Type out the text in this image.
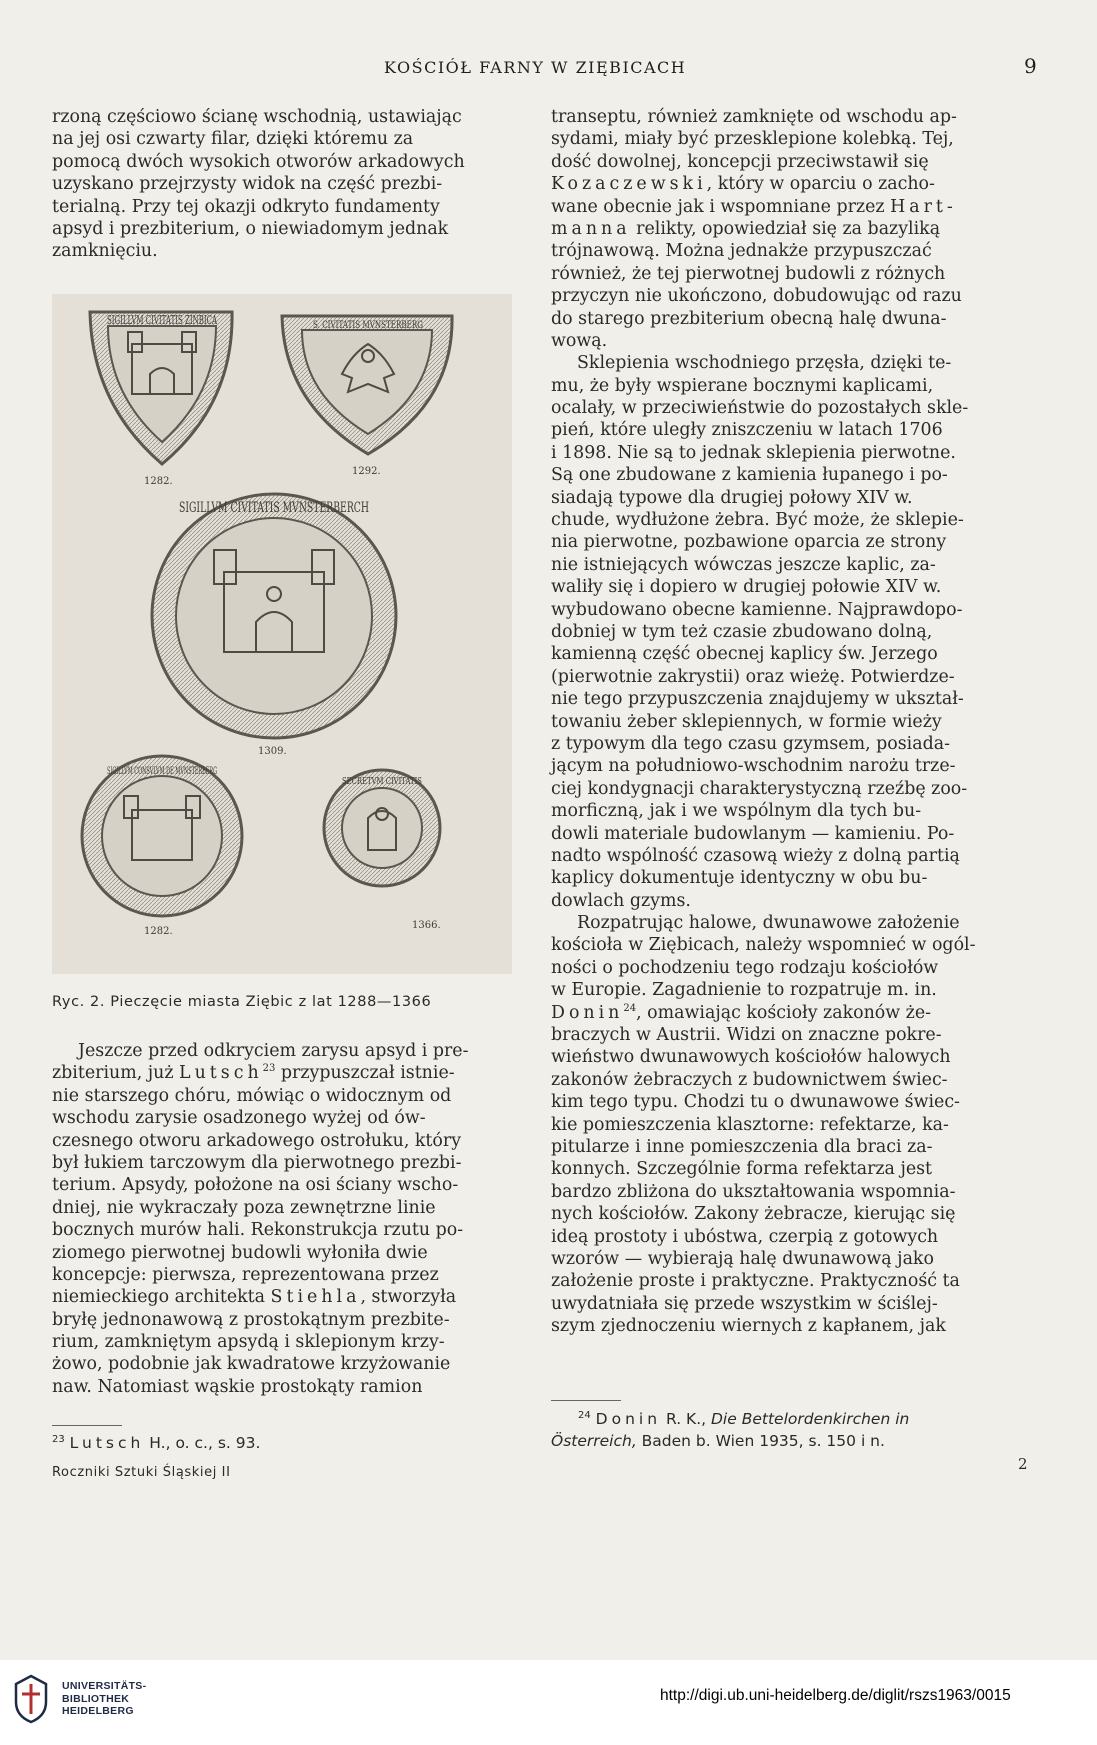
KOŚCIÓŁ FARNY W ZIĘBICACH	9
rzoną częściowo ścianę wschodnią, ustawiając
na jej osi czwarty filar, dzięki któremu za
pomocą dwóch wysokich otworów arkadowych
uzyskano przejrzysty widok na część prezbi-
terialną. Przy tej okazji odkryto fundamenty
apsyd i prezbiterium, o niewiadomym jednak
zamknięciu.
SIGILLVM CIVITATIS ZINBICA
1282.
S. CIVITATIS MVNSTERBERG
1292.
SIGILLVM CIVITATIS MVNSTERBERCH
1309.
SIGILLVM CONSVLVM DE MVNSTERBERG
1282.
SECRETVM CIVITATIS
1366.
Ryc. 2. Pieczęcie miasta Ziębic z lat 1288—1366
Jeszcze przed odkryciem zarysu apsyd i pre-
zbiterium, już Lutsch$^{23}$ przypuszczał istnie-
nie starszego chóru, mówiąc o widocznym od
wschodu zarysie osadzonego wyżej od ów-
czesnego otworu arkadowego ostrołuku, który
był łukiem tarczowym dla pierwotnego prezbi-
terium. Apsydy, położone na osi ściany wscho-
dniej, nie wykraczały poza zewnętrzne linie
bocznych murów hali. Rekonstrukcja rzutu po-
ziomego pierwotnej budowli wyłoniła dwie
koncepcje: pierwsza, reprezentowana przez
niemieckiego architekta Stiehla, stworzyła
bryłę jednonawową z prostokątnym prezbite-
rium, zamkniętym apsydą i sklepionym krzy-
żowo, podobnie jak kwadratowe krzyżowanie
naw. Natomiast wąskie prostokąty ramion
$^{23}$ Lutsch H., o. c., s. 93.
Roczniki Sztuki Śląskiej II
transeptu, również zamknięte od wschodu ap-
sydami, miały być przesklepione kolebką. Tej,
dość dowolnej, koncepcji przeciwstawił się
Kozaczewski, który w oparciu o zacho-
wane obecnie jak i wspomniane przez Hart-
manna relikty, opowiedział się za bazyliką
trójnawową. Można jednakże przypuszczać
również, że tej pierwotnej budowli z różnych
przyczyn nie ukończono, dobudowując od razu
do starego prezbiterium obecną halę dwuna-
wową.
Sklepienia wschodniego przęsła, dzięki te-
mu, że były wspierane bocznymi kaplicami,
ocalały, w przeciwieństwie do pozostałych skle-
pień, które uległy zniszczeniu w latach 1706
i 1898. Nie są to jednak sklepienia pierwotne.
Są one zbudowane z kamienia łupanego i po-
siadają typowe dla drugiej połowy XIV w.
chude, wydłużone żebra. Być może, że sklepie-
nia pierwotne, pozbawione oparcia ze strony
nie istniejących wówczas jeszcze kaplic, za-
waliły się i dopiero w drugiej połowie XIV w.
wybudowano obecne kamienne. Najprawdopo-
dobniej w tym też czasie zbudowano dolną,
kamienną część obecnej kaplicy św. Jerzego
(pierwotnie zakrystii) oraz wieżę. Potwierdze-
nie tego przypuszczenia znajdujemy w ukształ-
towaniu żeber sklepiennych, w formie wieży
z typowym dla tego czasu gzymsem, posiada-
jącym na południowo-wschodnim narożu trze-
ciej kondygnacji charakterystyczną rzeźbę zoo-
morficzną, jak i we wspólnym dla tych bu-
dowli materiale budowlanym — kamieniu. Po-
nadto wspólność czasową wieży z dolną partią
kaplicy dokumentuje identyczny w obu bu-
dowlach gzyms.
Rozpatrując halowe, dwunawowe założenie
kościoła w Ziębicach, należy wspomnieć w ogól-
ności o pochodzeniu tego rodzaju kościołów
w Europie. Zagadnienie to rozpatruje m. in.
Donin$^{24}$, omawiając kościoły zakonów że-
braczych w Austrii. Widzi on znaczne pokre-
wieństwo dwunawowych kościołów halowych
zakonów żebraczych z budownictwem świec-
kim tego typu. Chodzi tu o dwunawowe świec-
kie pomieszczenia klasztorne: refektarze, ka-
pitularze i inne pomieszczenia dla braci za-
konnych. Szczególnie forma refektarza jest
bardzo zbliżona do ukształtowania wspomnia-
nych kościołów. Zakony żebracze, kierując się
ideą prostoty i ubóstwa, czerpią z gotowych
wzorów — wybierają halę dwunawową jako
założenie proste i praktyczne. Praktyczność ta
uwydatniała się przede wszystkim w ściślej-
szym zjednoczeniu wiernych z kapłanem, jak
$^{24}$ Donin R. K., Die Bettelordenkirchen in
Österreich, Baden b. Wien 1935, s. 150 i n.
2
UNIVERSITÄTS-
BIBLIOTHEK
HEIDELBERG
http://digi.ub.uni-heidelberg.de/diglit/rszs1963/0015
